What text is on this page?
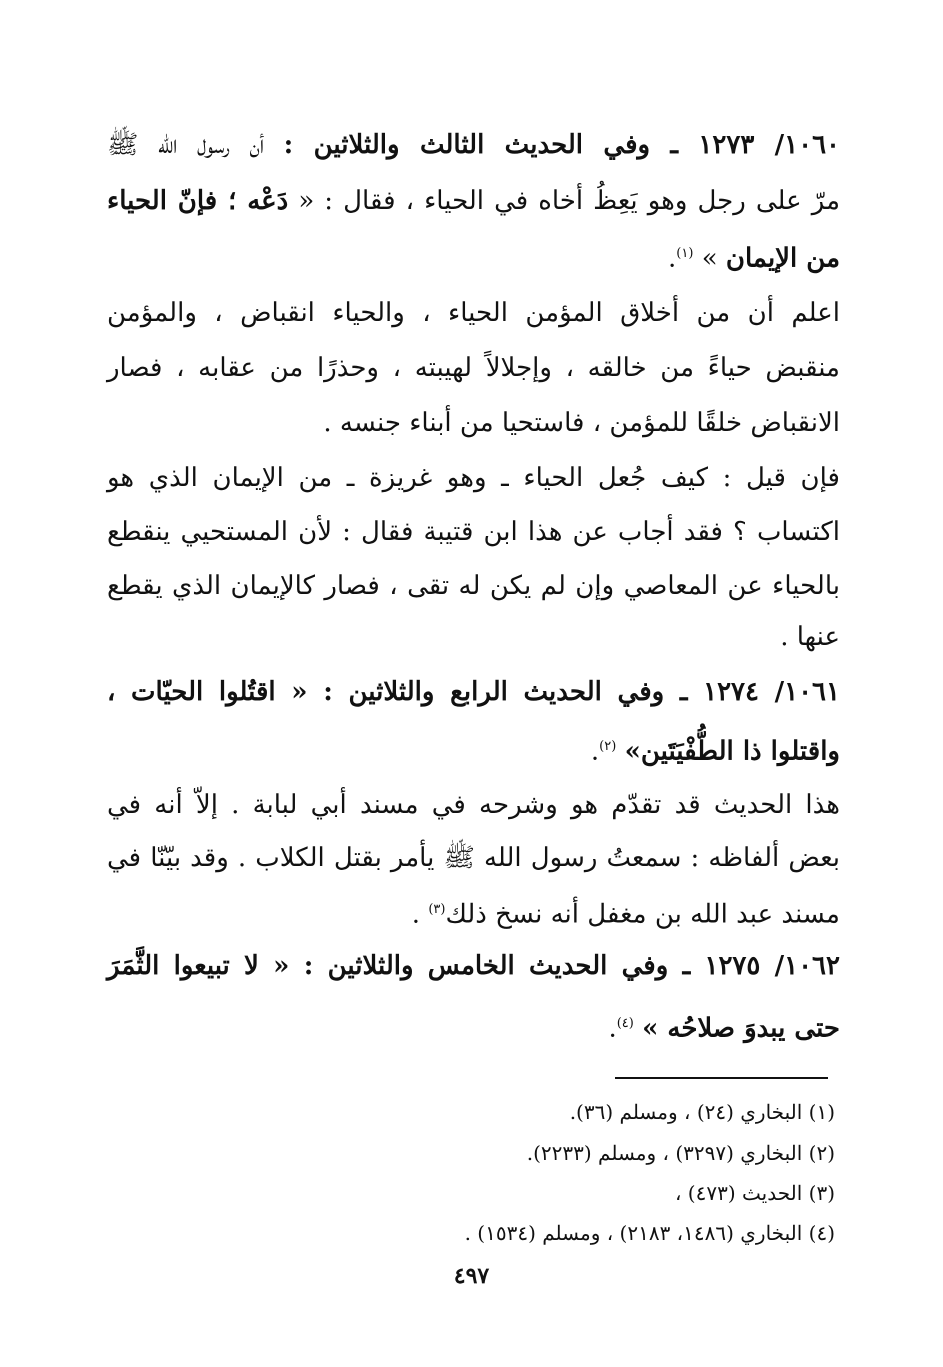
١٠٦٠/ ١٢٧٣ ـ وفي الحديث الثالث والثلاثين : أن رسول الله ﷺ
مرّ على رجل وهو يَعِظُ أخاه في الحياء ، فقال : « دَعْه ؛ فإنّ الحياء
من الإيمان » $^{(١)}$.
اعلم أن من أخلاق المؤمن الحياء ، والحياء انقباض ، والمؤمن
منقبض حياءً من خالقه ، وإجلالاً لهيبته ، وحذرًا من عقابه ، فصار
الانقباض خلقًا للمؤمن ، فاستحيا من أبناء جنسه .
فإن قيل : كيف جُعل الحياء ـ وهو غريزة ـ من الإيمان الذي هو
اكتساب ؟ فقد أجاب عن هذا ابن قتيبة فقال : لأن المستحيي ينقطع
بالحياء عن المعاصي وإن لم يكن له تقى ، فصار كالإيمان الذي يقطع
عنها .
١٠٦١/ ١٢٧٤ ـ وفي الحديث الرابع والثلاثين : « اقتُلوا الحيّات ،
واقتلوا ذا الطُّفْيَتَين» $^{(٢)}$.
هذا الحديث قد تقدّم هو وشرحه في مسند أبي لبابة . إلاّ أنه في
بعض ألفاظه : سمعتُ رسول الله ﷺ يأمر بقتل الكلاب . وقد بيّنّا في
مسند عبد الله بن مغفل أنه نسخ ذلك$^{(٣)}$ .
١٠٦٢/ ١٢٧٥ ـ وفي الحديث الخامس والثلاثين : « لا تبيعوا الثَّمَرَ
حتى يبدوَ صلاحُه » $^{(٤)}$.
(١) البخاري (٢٤) ، ومسلم (٣٦).
(٢) البخاري (٣٢٩٧) ، ومسلم (٢٢٣٣).
(٣) الحديث (٤٧٣) ،
(٤) البخاري (١٤٨٦، ٢١٨٣) ، ومسلم (١٥٣٤) .
٤٩٧
